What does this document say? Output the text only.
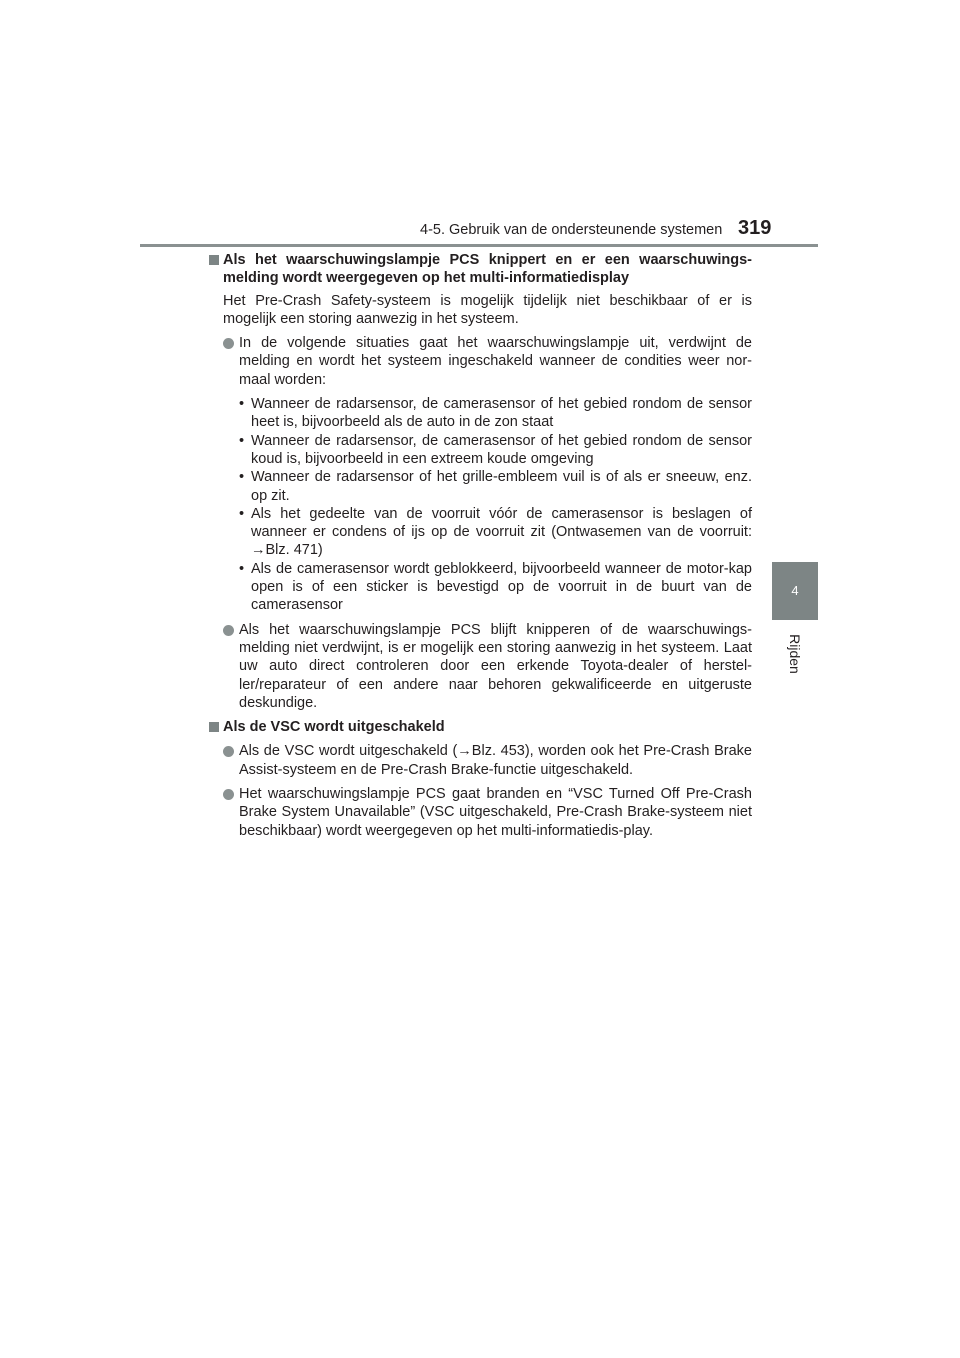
4-5. Gebruik van de ondersteunende systemen 319
4
Rijden
Als het waarschuwingslampje PCS knippert en er een waarschuwings-melding wordt weergegeven op het multi-informatiedisplay
Het Pre-Crash Safety-systeem is mogelijk tijdelijk niet beschikbaar of er is mogelijk een storing aanwezig in het systeem.
In de volgende situaties gaat het waarschuwingslampje uit, verdwijnt de melding en wordt het systeem ingeschakeld wanneer de condities weer nor-maal worden:
• Wanneer de radarsensor, de camerasensor of het gebied rondom de sensor heet is, bijvoorbeeld als de auto in de zon staat
• Wanneer de radarsensor, de camerasensor of het gebied rondom de sensor koud is, bijvoorbeeld in een extreem koude omgeving
• Wanneer de radarsensor of het grille-embleem vuil is of als er sneeuw, enz. op zit.
• Als het gedeelte van de voorruit vóór de camerasensor is beslagen of wanneer er condens of ijs op de voorruit zit (Ontwasemen van de voorruit: →Blz. 471)
• Als de camerasensor wordt geblokkeerd, bijvoorbeeld wanneer de motor-kap open is of een sticker is bevestigd op de voorruit in de buurt van de camerasensor
Als het waarschuwingslampje PCS blijft knipperen of de waarschuwings-melding niet verdwijnt, is er mogelijk een storing aanwezig in het systeem. Laat uw auto direct controleren door een erkende Toyota-dealer of herstel-ler/reparateur of een andere naar behoren gekwalificeerde en uitgeruste deskundige.
Als de VSC wordt uitgeschakeld
Als de VSC wordt uitgeschakeld (→Blz. 453), worden ook het Pre-Crash Brake Assist-systeem en de Pre-Crash Brake-functie uitgeschakeld.
Het waarschuwingslampje PCS gaat branden en “VSC Turned Off Pre-Crash Brake System Unavailable” (VSC uitgeschakeld, Pre-Crash Brake-systeem niet beschikbaar) wordt weergegeven op het multi-informatiedis-play.
